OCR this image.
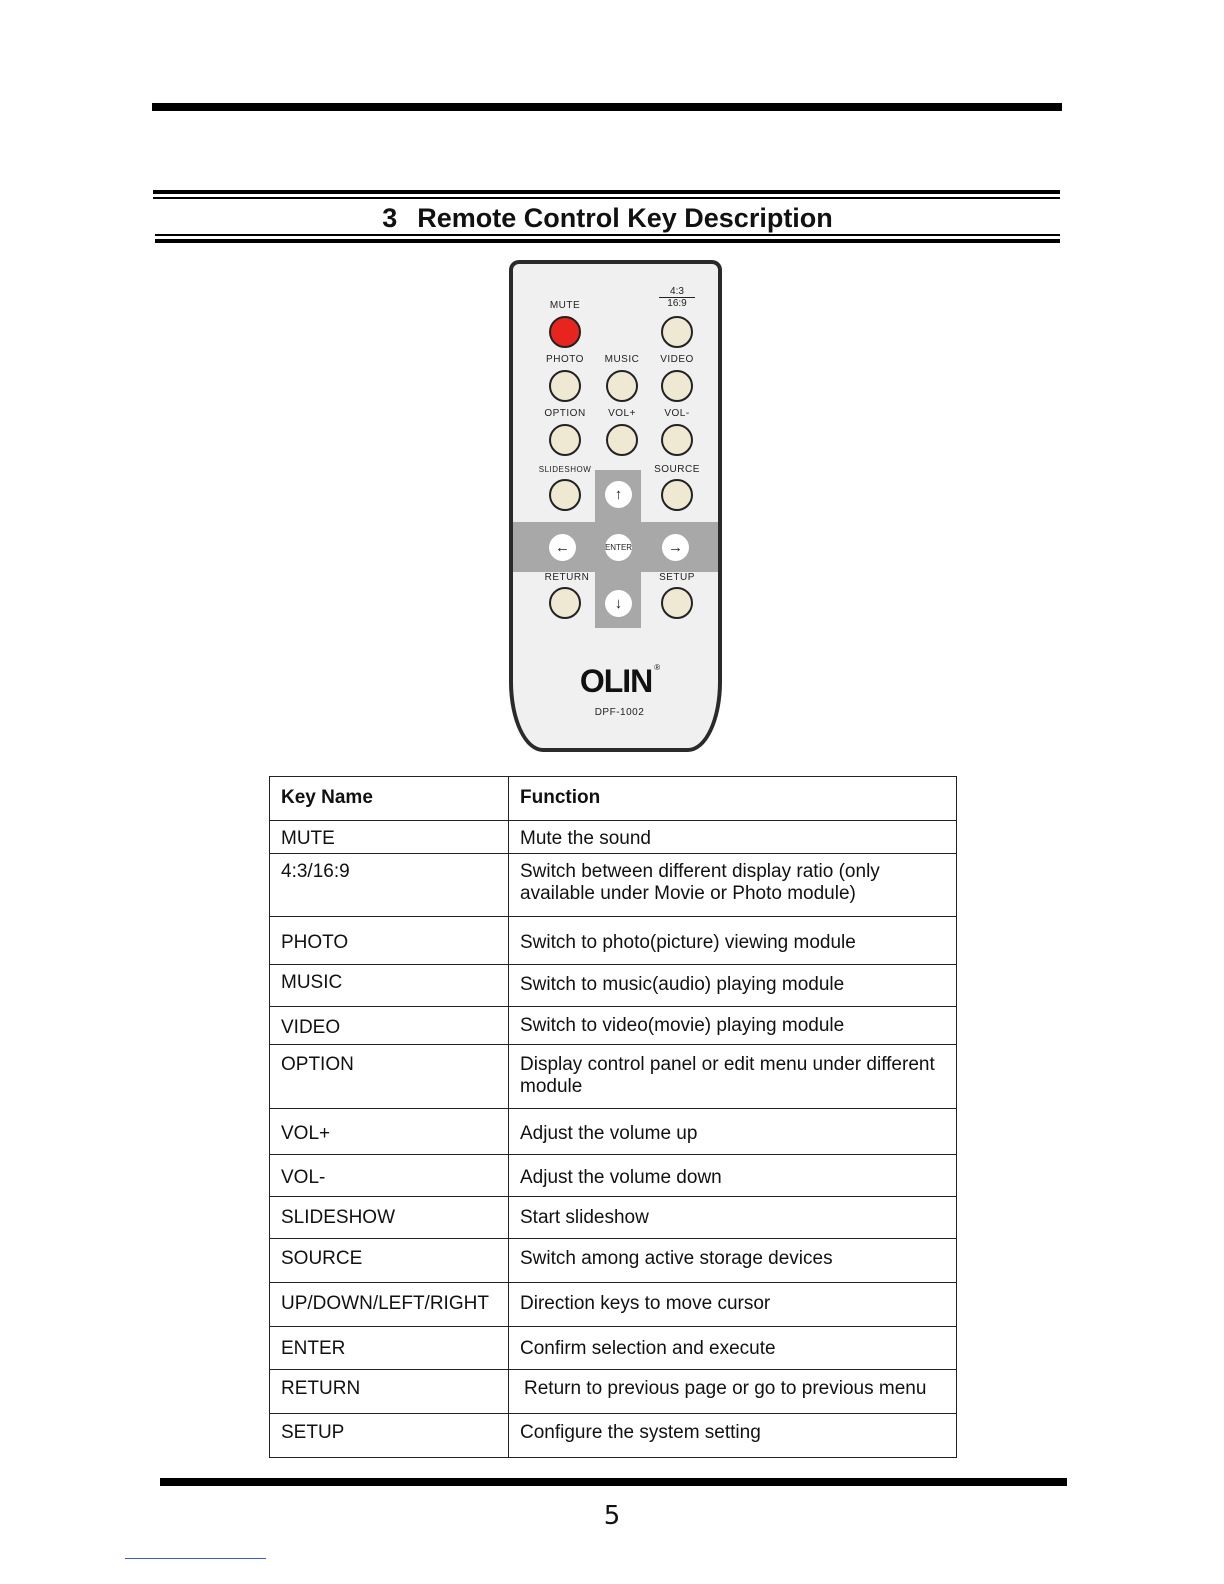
3 Remote Control Key Description
MUTE
4:3
16:9
PHOTO	MUSIC	VIDEO
OPTION	VOL+	VOL-
SLIDESHOW	SOURCE
↑
←	ENTER	→
RETURN	SETUP
↓
OLIN ®
DPF-1002
Key Name	Function
MUTE	Mute the sound
4:3/16:9	Switch between different display ratio (only available under Movie or Photo module)
PHOTO	Switch to photo(picture) viewing module
MUSIC	Switch to music(audio) playing module
VIDEO	Switch to video(movie) playing module
OPTION	Display control panel or edit menu under different module
VOL+	Adjust the volume up
VOL-	Adjust the volume down
SLIDESHOW	Start slideshow
SOURCE	Switch among active storage devices
UP/DOWN/LEFT/RIGHT	Direction keys to move cursor
ENTER	Confirm selection and execute
RETURN	Return to previous page or go to previous menu
SETUP	Configure the system setting
5
